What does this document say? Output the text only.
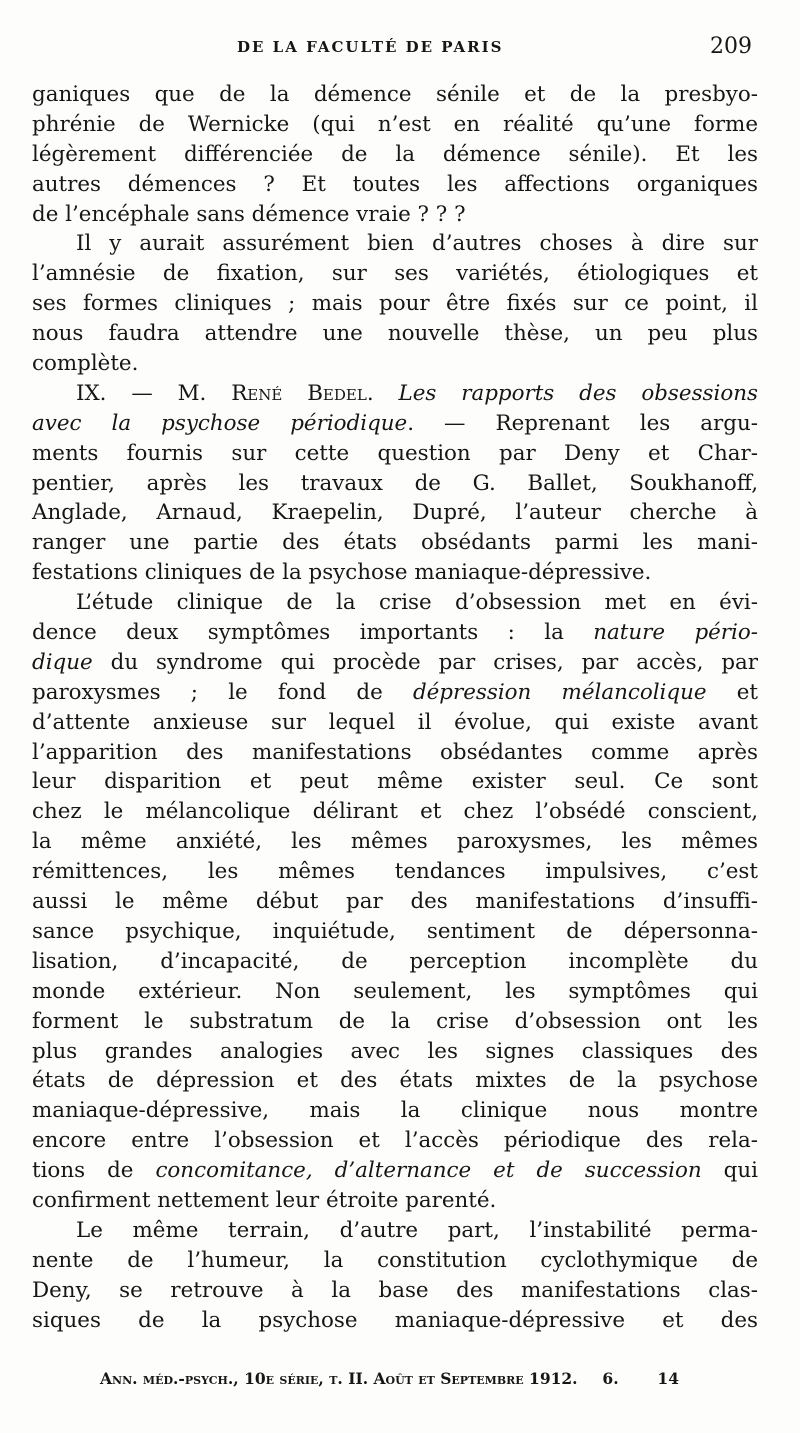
DE LA FACULTÉ DE PARIS	209
ganiques que de la démence sénile et de la presbyo-
phrénie de Wernicke (qui n’est en réalité qu’une forme
légèrement différenciée de la démence sénile). Et les
autres démences ? Et toutes les affections organiques
de l’encéphale sans démence vraie ? ? ?
Il y aurait assurément bien d’autres choses à dire sur
l’amnésie de fixation, sur ses variétés, étiologiques et
ses formes cliniques ; mais pour être fixés sur ce point, il
nous faudra attendre une nouvelle thèse, un peu plus
complète.
IX. — M. René Bedel. Les rapports des obsessions
avec la psychose périodique. — Reprenant les argu-
ments fournis sur cette question par Deny et Char-
pentier, après les travaux de G. Ballet, Soukhanoff,
Anglade, Arnaud, Kraepelin, Dupré, l’auteur cherche à
ranger une partie des états obsédants parmi les mani-
festations cliniques de la psychose maniaque-dépressive.
L’étude clinique de la crise d’obsession met en évi-
dence deux symptômes importants : la nature pério-
dique du syndrome qui procède par crises, par accès, par
paroxysmes ; le fond de dépression mélancolique et
d’attente anxieuse sur lequel il évolue, qui existe avant
l’apparition des manifestations obsédantes comme après
leur disparition et peut même exister seul. Ce sont
chez le mélancolique délirant et chez l’obsédé conscient,
la même anxiété, les mêmes paroxysmes, les mêmes
rémittences, les mêmes tendances impulsives, c’est
aussi le même début par des manifestations d’insuffi-
sance psychique, inquiétude, sentiment de dépersonna-
lisation, d’incapacité, de perception incomplète du
monde extérieur. Non seulement, les symptômes qui
forment le substratum de la crise d’obsession ont les
plus grandes analogies avec les signes classiques des
états de dépression et des états mixtes de la psychose
maniaque-dépressive, mais la clinique nous montre
encore entre l’obsession et l’accès périodique des rela-
tions de concomitance, d’alternance et de succession qui
confirment nettement leur étroite parenté.
Le même terrain, d’autre part, l’instabilité perma-
nente de l’humeur, la constitution cyclothymique de
Deny, se retrouve à la base des manifestations clas-
siques de la psychose maniaque-dépressive et des
Ann. méd.-psych., 10e série, t. II. Août et Septembre 1912. 6.	14
